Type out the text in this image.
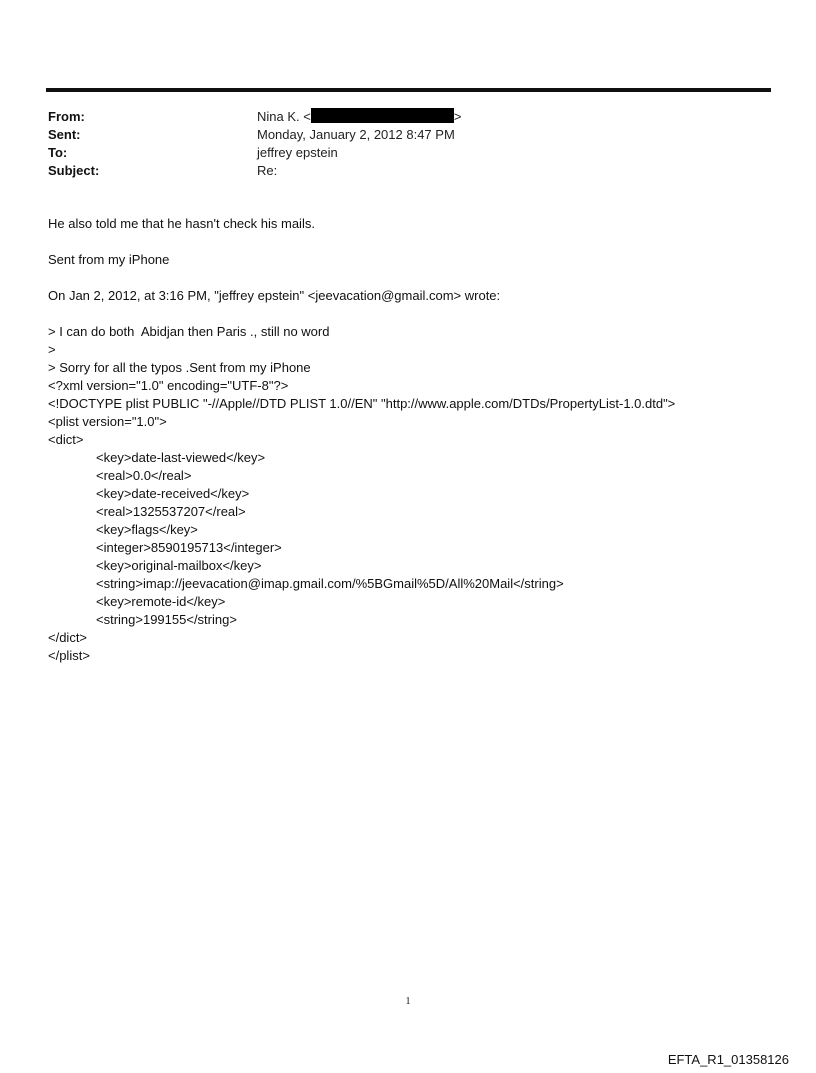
From:	Nina K. <	>
Sent:	Monday, January 2, 2012 8:47 PM
To:	jeffrey epstein
Subject:	Re:
He also told me that he hasn't check his mails.
Sent from my iPhone
On Jan 2, 2012, at 3:16 PM, "jeffrey epstein" <jeevacation@gmail.com> wrote:
> I can do both  Abidjan then Paris ., still no word
>
> Sorry for all the typos .Sent from my iPhone
<?xml version="1.0" encoding="UTF-8"?>
<!DOCTYPE plist PUBLIC "-//Apple//DTD PLIST 1.0//EN" "http://www.apple.com/DTDs/PropertyList-1.0.dtd">
<plist version="1.0">
<dict>
<key>date-last-viewed</key>
<real>0.0</real>
<key>date-received</key>
<real>1325537207</real>
<key>flags</key>
<integer>8590195713</integer>
<key>original-mailbox</key>
<string>imap://jeevacation@imap.gmail.com/%5BGmail%5D/All%20Mail</string>
<key>remote-id</key>
<string>199155</string>
</dict>
</plist>
1
EFTA_R1_01358126
